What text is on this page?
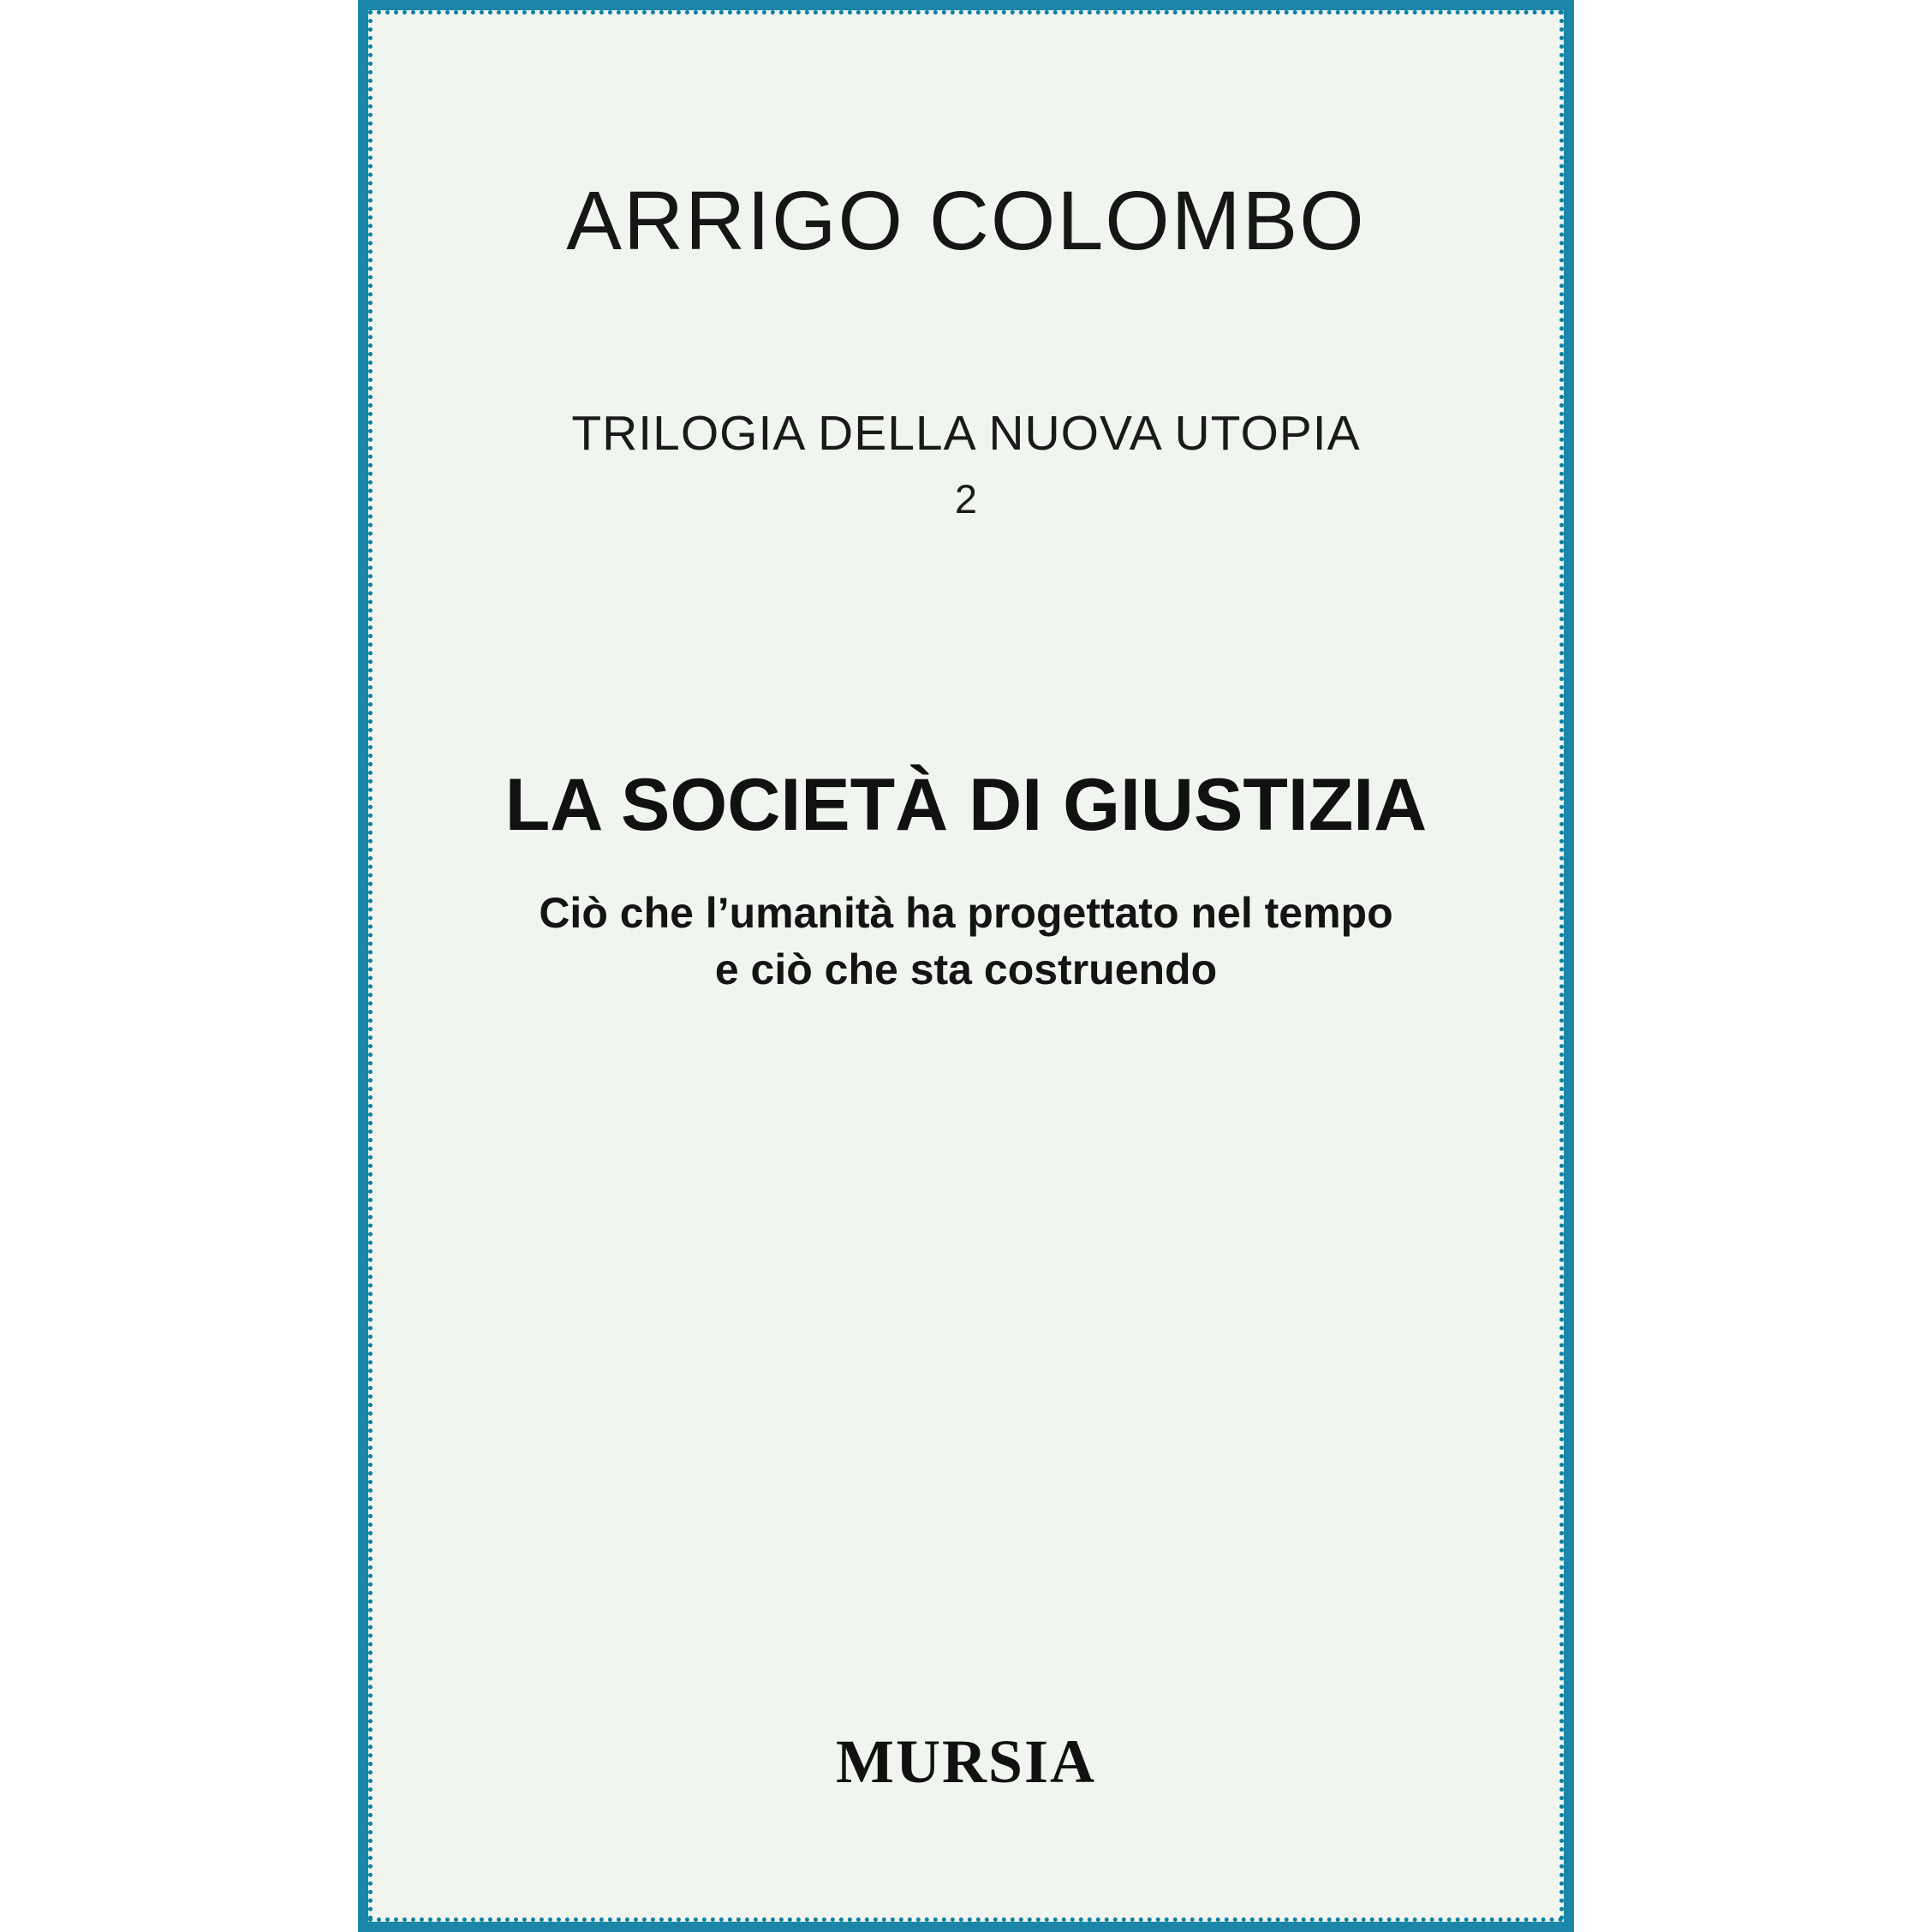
ARRIGO COLOMBO
TRILOGIA DELLA NUOVA UTOPIA
2
LA SOCIETÀ DI GIUSTIZIA
Ciò che l’umanità ha progettato nel tempo
e ciò che sta costruendo
MURSIA
